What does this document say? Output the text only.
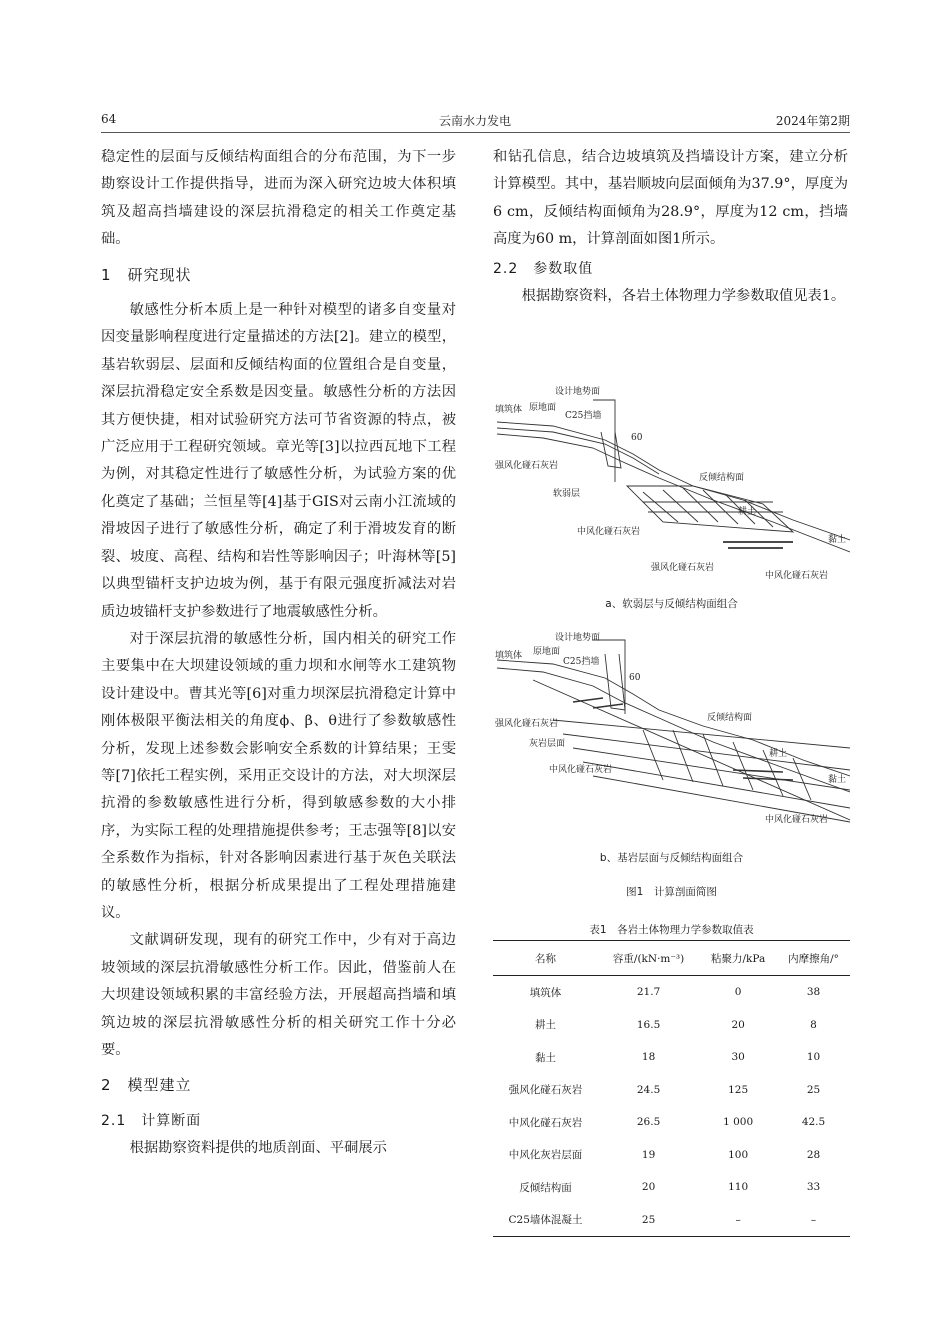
64	云南水力发电	2024年第2期

稳定性的层面与反倾结构面组合的分布范围，为下一步勘察设计工作提供指导，进而为深入研究边坡大体积填筑及超高挡墙建设的深层抗滑稳定的相关工作奠定基础。

1　研究现状

敏感性分析本质上是一种针对模型的诸多自变量对因变量影响程度进行定量描述的方法[2]。建立的模型，基岩软弱层、层面和反倾结构面的位置组合是自变量，深层抗滑稳定安全系数是因变量。敏感性分析的方法因其方便快捷，相对试验研究方法可节省资源的特点，被广泛应用于工程研究领域。章光等[3]以拉西瓦地下工程为例，对其稳定性进行了敏感性分析，为试验方案的优化奠定了基础；兰恒星等[4]基于GIS对云南小江流域的滑坡因子进行了敏感性分析，确定了利于滑坡发育的断裂、坡度、高程、结构和岩性等影响因子；叶海林等[5]以典型锚杆支护边坡为例，基于有限元强度折减法对岩质边坡锚杆支护参数进行了地震敏感性分析。

对于深层抗滑的敏感性分析，国内相关的研究工作主要集中在大坝建设领域的重力坝和水闸等水工建筑物设计建设中。曹其光等[6]对重力坝深层抗滑稳定计算中刚体极限平衡法相关的角度ϕ、β、θ进行了参数敏感性分析，发现上述参数会影响安全系数的计算结果；王雯等[7]依托工程实例，采用正交设计的方法，对大坝深层抗滑的参数敏感性进行分析，得到敏感参数的大小排序，为实际工程的处理措施提供参考；王志强等[8]以安全系数作为指标，针对各影响因素进行基于灰色关联法的敏感性分析，根据分析成果提出了工程处理措施建议。

文献调研发现，现有的研究工作中，少有对于高边坡领域的深层抗滑敏感性分析工作。因此，借鉴前人在大坝建设领域积累的丰富经验方法，开展超高挡墙和填筑边坡的深层抗滑敏感性分析的相关研究工作十分必要。

2　模型建立

2.1　计算断面

根据勘察资料提供的地质剖面、平硐展示

和钻孔信息，结合边坡填筑及挡墙设计方案，建立分析计算模型。其中，基岩顺坡向层面倾角为37.9°，厚度为6 cm，反倾结构面倾角为28.9°，厚度为12 cm，挡墙高度为60 m，计算剖面如图1所示。

2.2　参数取值

根据勘察资料，各岩土体物理力学参数取值见表1。

设计地势面
填筑体 原地面
C25挡墙
60
强风化碰石灰岩
软弱层
反倾结构面
耕土
中风化碰石灰岩
黏土
强风化碰石灰岩
中风化碰石灰岩
a、软弱层与反倾结构面组合
设计地势面
填筑体 原地面
C25挡墙
60
强风化碰石灰岩
灰岩层面
反倾结构面
耕土
中风化碰石灰岩
黏土
中风化碰石灰岩
b、基岩层面与反倾结构面组合
图1　计算剖面简图
表1　各岩土体物理力学参数取值表
名称	容重/(kN·m⁻³)	粘聚力/kPa	内摩擦角/°
填筑体	21.7	0	38
耕土	16.5	20	8
黏土	18	30	10
强风化碰石灰岩	24.5	125	25
中风化碰石灰岩	26.5	1 000	42.5
中风化灰岩层面	19	100	28
反倾结构面	20	110	33
C25墙体混凝土	25	–	–
